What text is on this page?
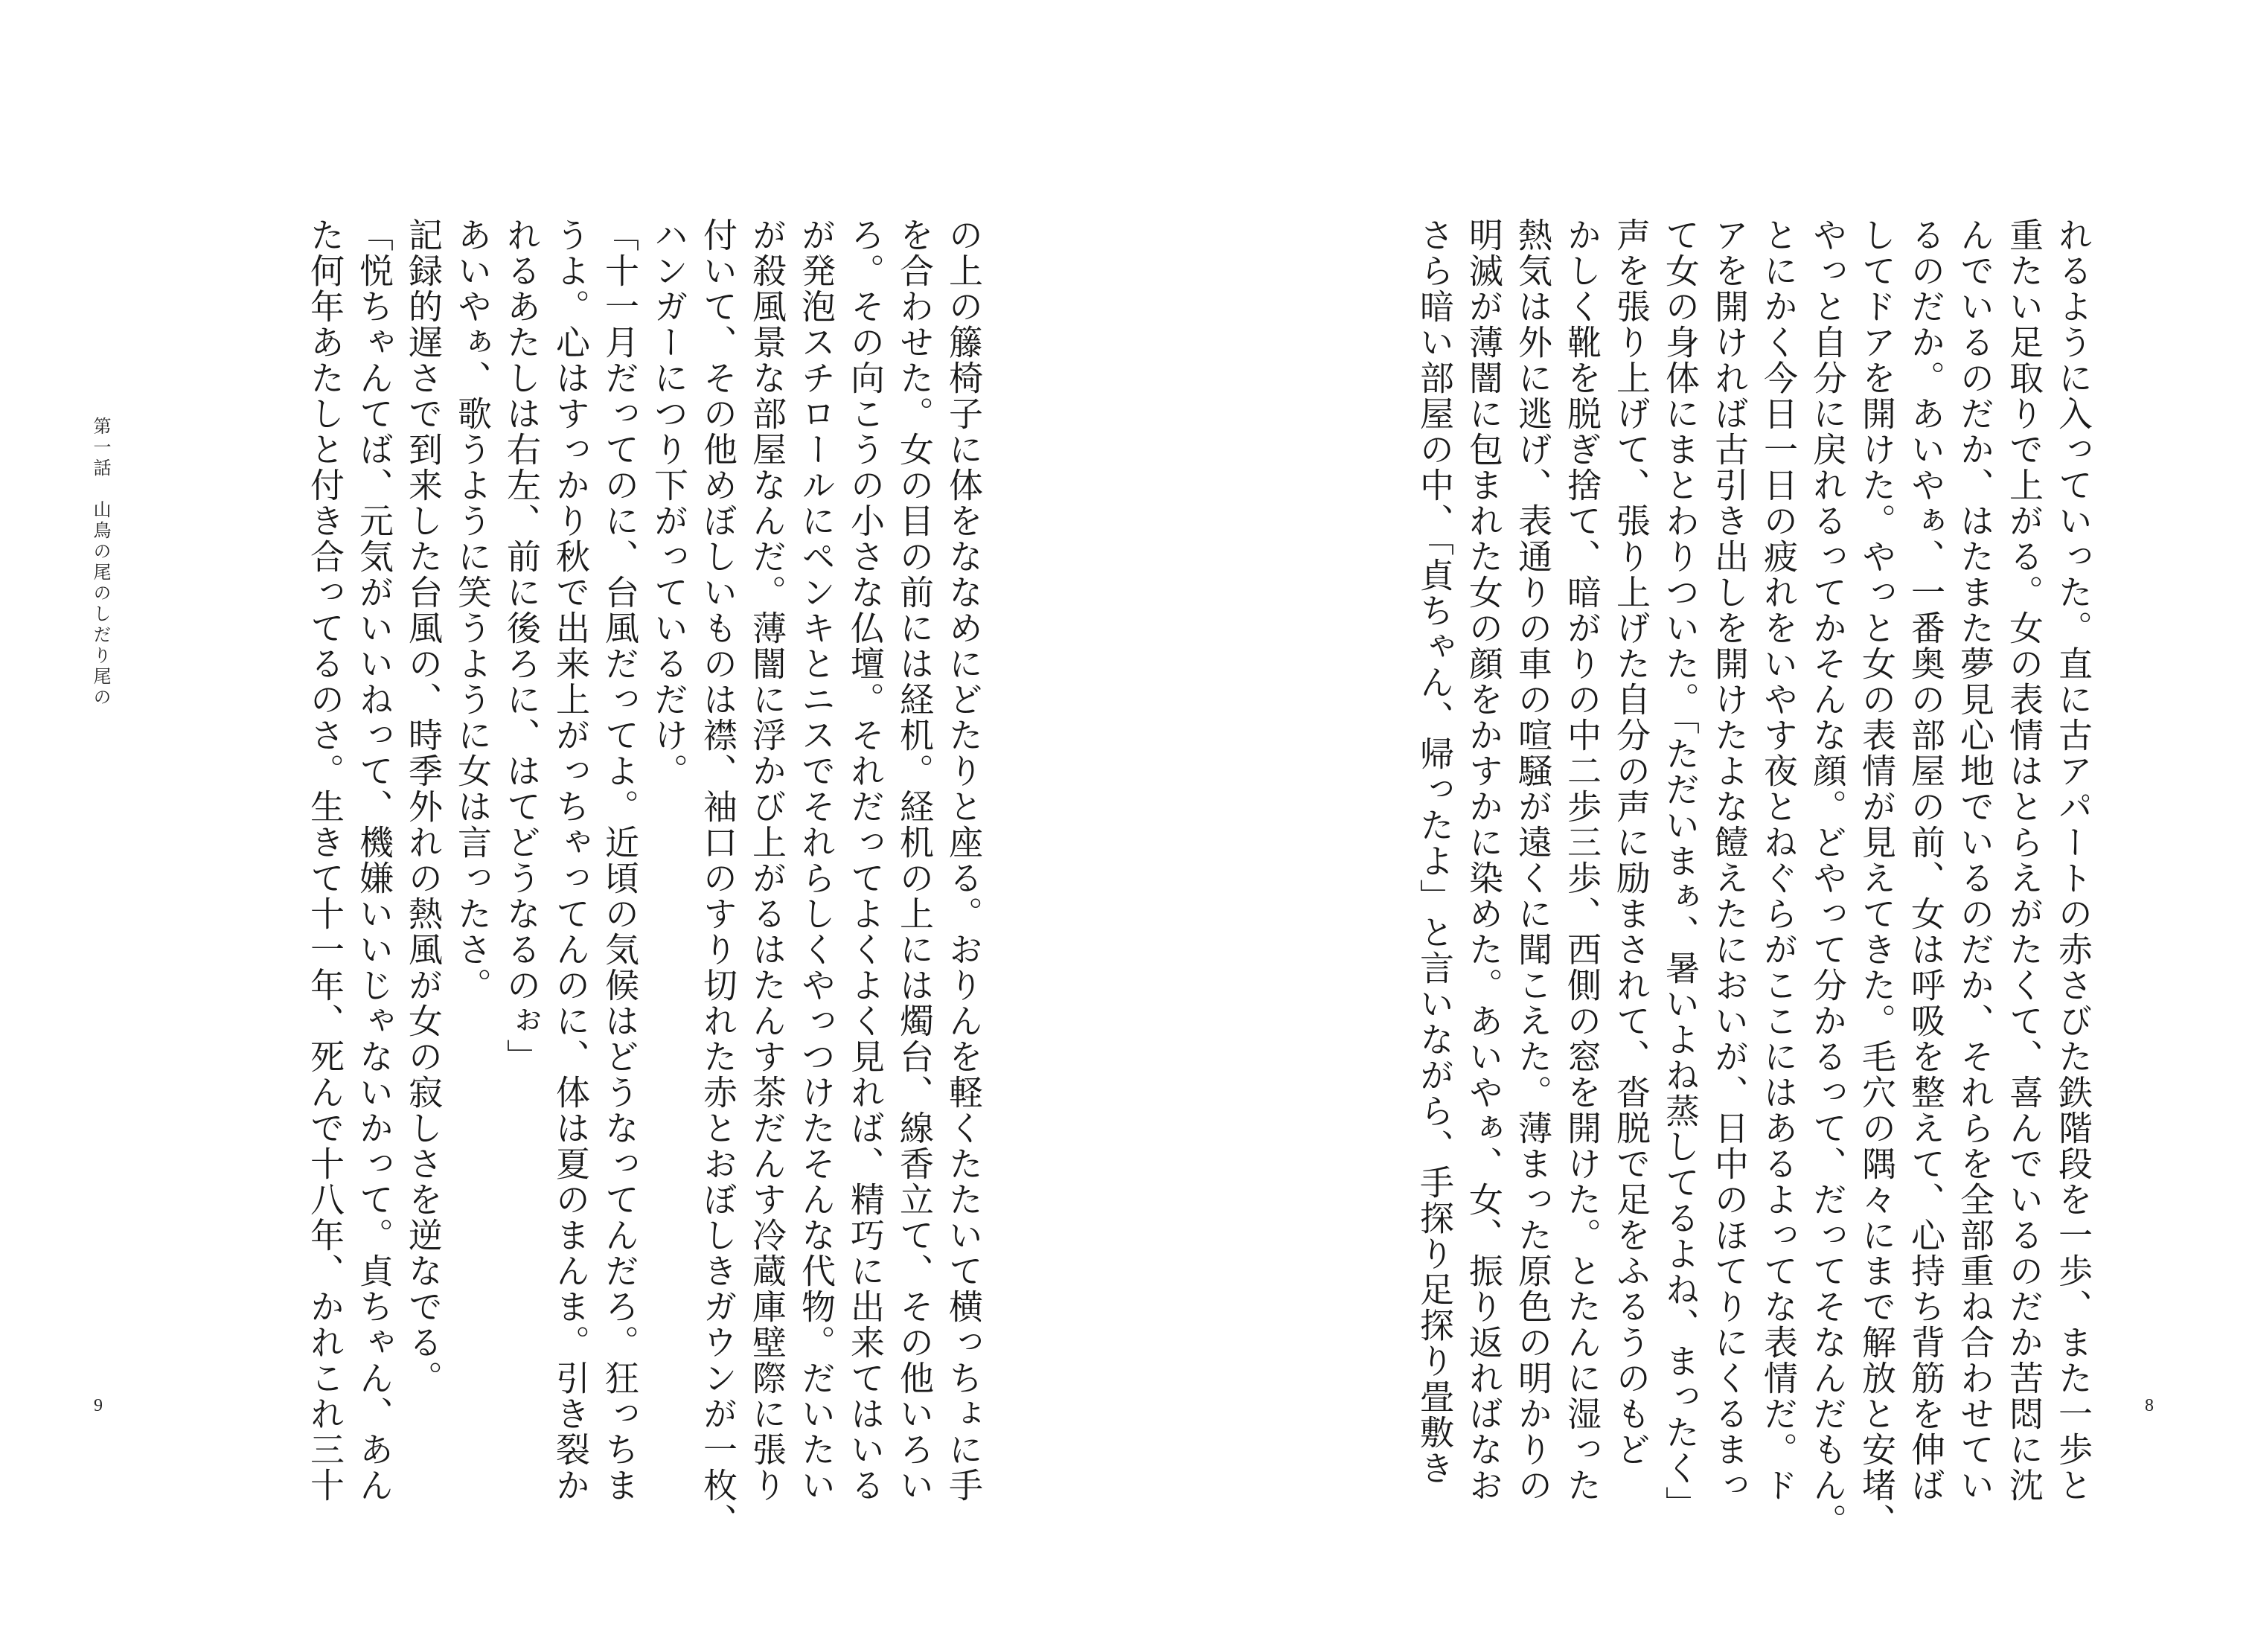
の上の籐椅子に体をななめにどたりと座る。おりんを軽くたたいて横っちょに手
を合わせた。女の目の前には経机。経机の上には燭台、線香立て、その他いろい
ろ。その向こうの小さな仏壇。それだってよくよく見れば、精巧に出来てはいる
が発泡スチロールにペンキとニスでそれらしくやっつけたそんな代物。だいたい
が殺風景な部屋なんだ。薄闇に浮かび上がるはたんす茶だんす冷蔵庫壁際に張り
付いて、その他めぼしいものは襟、袖口のすり切れた赤とおぼしきガウンが一枚、
ハンガーにつり下がっているだけ。
「十一月だってのに、台風だってよ。近頃の気候はどうなってんだろ。狂っちま
うよ。心はすっかり秋で出来上がっちゃってんのに、体は夏のまんま。引き裂か
れるあたしは右左、前に後ろに、はてどうなるのぉ」
あいやぁ、歌うように笑うように女は言ったさ。
記録的遅さで到来した台風の、時季外れの熱風が女の寂しさを逆なでる。
「悦ちゃんてば、元気がいいねって、機嫌いいじゃないかって。貞ちゃん、あん
た何年あたしと付き合ってるのさ。生きて十一年、死んで十八年、かれこれ三十
第一話　山鳥の尾のしだり尾の
9	れるように入っていった。直に古アパートの赤さびた鉄階段を一歩、また一歩と
重たい足取りで上がる。女の表情はとらえがたくて、喜んでいるのだか苦悶に沈
んでいるのだか、はたまた夢見心地でいるのだか、それらを全部重ね合わせてい
るのだか。あいやぁ、一番奥の部屋の前、女は呼吸を整えて、心持ち背筋を伸ば
してドアを開けた。やっと女の表情が見えてきた。毛穴の隅々にまで解放と安堵、
やっと自分に戻れるってかそんな顔。どやって分かるって、だってそなんだもん。
とにかく今日一日の疲れをいやす夜とねぐらがここにはあるよってな表情だ。ド
アを開ければ古引き出しを開けたよな饐えたにおいが、日中のほてりにくるまっ
て女の身体にまとわりついた。「ただいまぁ、暑いよね蒸してるよね、まったく」
声を張り上げて、張り上げた自分の声に励まされて、沓脱で足をふるうのもど
かしく靴を脱ぎ捨て、暗がりの中二歩三歩、西側の窓を開けた。とたんに湿った
熱気は外に逃げ、表通りの車の喧騒が遠くに聞こえた。薄まった原色の明かりの
明滅が薄闇に包まれた女の顔をかすかに染めた。あいやぁ、女、振り返ればなお
さら暗い部屋の中、「貞ちゃん、帰ったよ」と言いながら、手探り足探り畳敷き	8
